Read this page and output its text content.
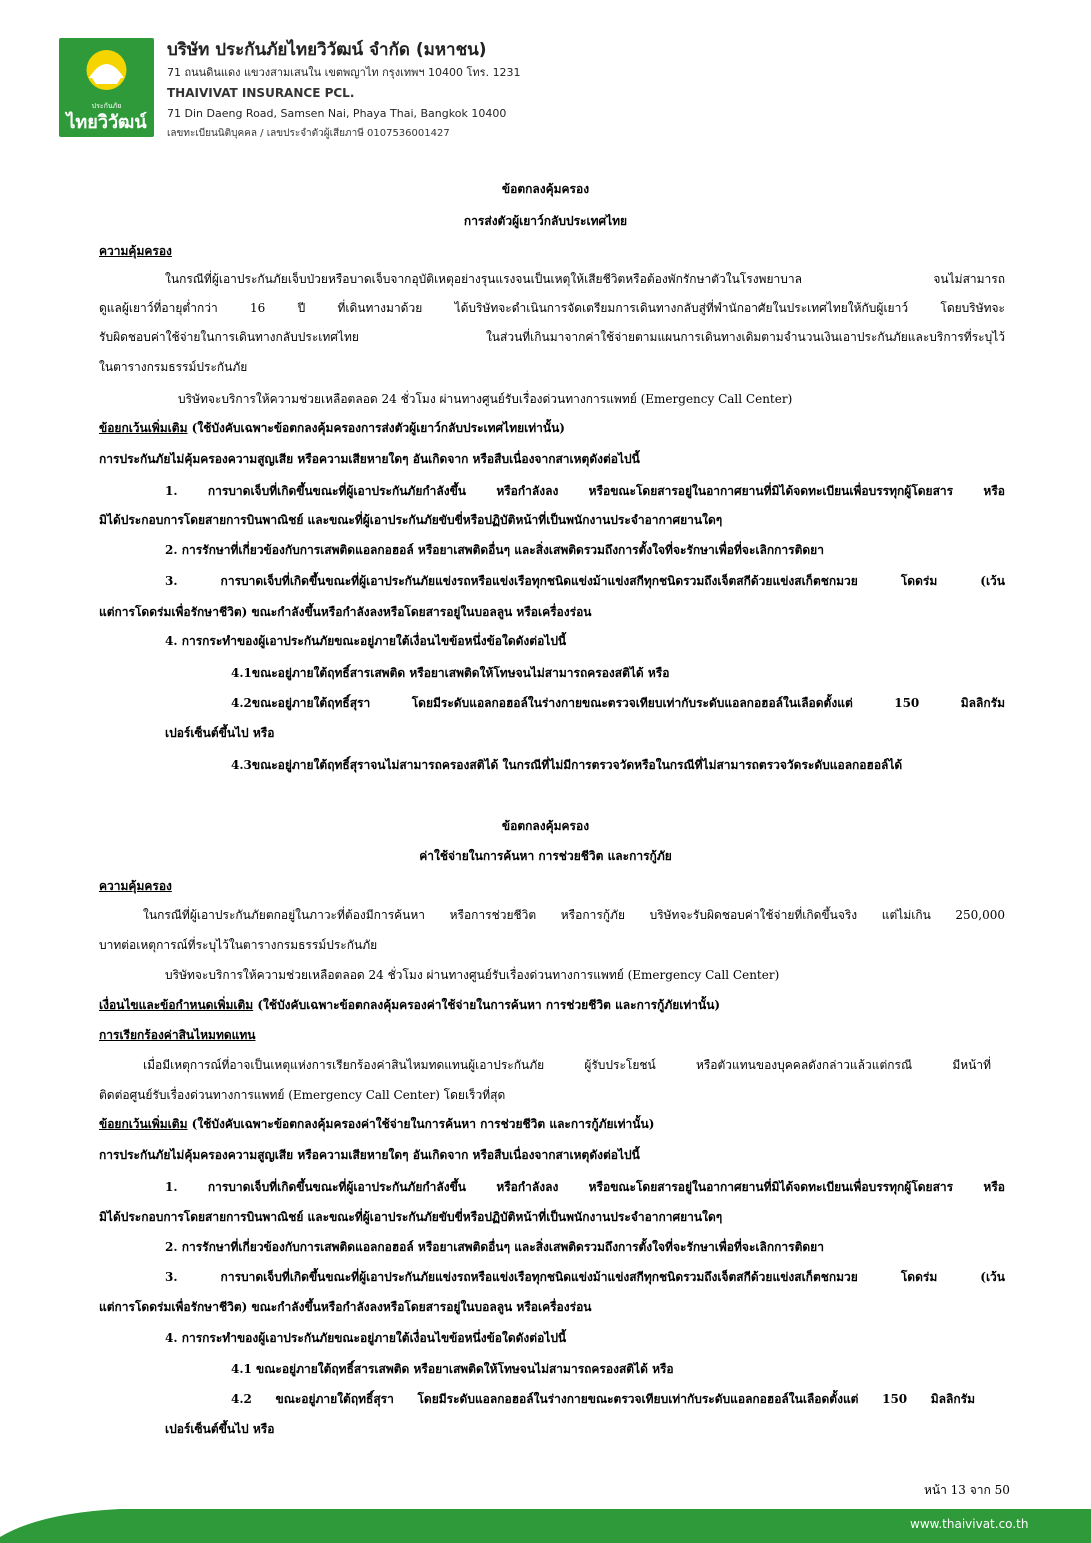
ประกันภัย
ไทยวิวัฒน์
บริษัท ประกันภัยไทยวิวัฒน์ จำกัด (มหาชน)
71 ถนนดินแดง แขวงสามเสนใน เขตพญาไท กรุงเทพฯ 10400 โทร. 1231
THAIVIVAT INSURANCE PCL.
71 Din Daeng Road, Samsen Nai, Phaya Thai, Bangkok 10400
เลขทะเบียนนิติบุคคล / เลขประจำตัวผู้เสียภาษี 0107536001427
ข้อตกลงคุ้มครอง
การส่งตัวผู้เยาว์กลับประเทศไทย
ความคุ้มครอง
ในกรณีที่ผู้เอาประกันภัยเจ็บป่วยหรือบาดเจ็บจากอุบัติเหตุอย่างรุนแรงจนเป็นเหตุให้เสียชีวิตหรือต้องพักรักษาตัวในโรงพยาบาล จนไม่สามารถ
ดูแลผู้เยาว์ที่อายุต่ำกว่า 16 ปี ที่เดินทางมาด้วย ได้บริษัทจะดำเนินการจัดเตรียมการเดินทางกลับสู่ที่พำนักอาศัยในประเทศไทยให้กับผู้เยาว์ โดยบริษัทจะ
รับผิดชอบค่าใช้จ่ายในการเดินทางกลับประเทศไทย ในส่วนที่เกินมาจากค่าใช้จ่ายตามแผนการเดินทางเดิมตามจำนวนเงินเอาประกันภัยและบริการที่ระบุไว้
ในตารางกรมธรรม์ประกันภัย
บริษัทจะบริการให้ความช่วยเหลือตลอด 24 ชั่วโมง ผ่านทางศูนย์รับเรื่องด่วนทางการแพทย์ (Emergency Call Center)
ข้อยกเว้นเพิ่มเติม (ใช้บังคับเฉพาะข้อตกลงคุ้มครองการส่งตัวผู้เยาว์กลับประเทศไทยเท่านั้น)
การประกันภัยไม่คุ้มครองความสูญเสีย หรือความเสียหายใดๆ อันเกิดจาก หรือสืบเนื่องจากสาเหตุดังต่อไปนี้
1. การบาดเจ็บที่เกิดขึ้นขณะที่ผู้เอาประกันภัยกำลังขึ้น หรือกำลังลง หรือขณะโดยสารอยู่ในอากาศยานที่มิได้จดทะเบียนเพื่อบรรทุกผู้โดยสาร หรือ
มิได้ประกอบการโดยสายการบินพาณิชย์ และขณะที่ผู้เอาประกันภัยขับขี่หรือปฏิบัติหน้าที่เป็นพนักงานประจำอากาศยานใดๆ
2. การรักษาที่เกี่ยวข้องกับการเสพติดแอลกอฮอล์ หรือยาเสพติดอื่นๆ และสิ่งเสพติดรวมถึงการตั้งใจที่จะรักษาเพื่อที่จะเลิกการติดยา
3. การบาดเจ็บที่เกิดขึ้นขณะที่ผู้เอาประกันภัยแข่งรถหรือแข่งเรือทุกชนิดแข่งม้าแข่งสกีทุกชนิดรวมถึงเจ็ตสกีด้วยแข่งสเก็ตชกมวย โดดร่ม (เว้น
แต่การโดดร่มเพื่อรักษาชีวิต) ขณะกำลังขึ้นหรือกำลังลงหรือโดยสารอยู่ในบอลลูน หรือเครื่องร่อน
4. การกระทำของผู้เอาประกันภัยขณะอยู่ภายใต้เงื่อนไขข้อหนึ่งข้อใดดังต่อไปนี้
4.1ขณะอยู่ภายใต้ฤทธิ์สารเสพติด หรือยาเสพติดให้โทษจนไม่สามารถครองสติได้ หรือ
4.2ขณะอยู่ภายใต้ฤทธิ์สุรา โดยมีระดับแอลกอฮอล์ในร่างกายขณะตรวจเทียบเท่ากับระดับแอลกอฮอล์ในเลือดตั้งแต่ 150 มิลลิกรัม
เปอร์เซ็นต์ขึ้นไป หรือ
4.3ขณะอยู่ภายใต้ฤทธิ์สุราจนไม่สามารถครองสติได้ ในกรณีที่ไม่มีการตรวจวัดหรือในกรณีที่ไม่สามารถตรวจวัดระดับแอลกอฮอล์ได้
ข้อตกลงคุ้มครอง
ค่าใช้จ่ายในการค้นหา การช่วยชีวิต และการกู้ภัย
ความคุ้มครอง
ในกรณีที่ผู้เอาประกันภัยตกอยู่ในภาวะที่ต้องมีการค้นหา หรือการช่วยชีวิต หรือการกู้ภัย บริษัทจะรับผิดชอบค่าใช้จ่ายที่เกิดขึ้นจริง แต่ไม่เกิน 250,000
บาทต่อเหตุการณ์ที่ระบุไว้ในตารางกรมธรรม์ประกันภัย
บริษัทจะบริการให้ความช่วยเหลือตลอด 24 ชั่วโมง ผ่านทางศูนย์รับเรื่องด่วนทางการแพทย์ (Emergency Call Center)
เงื่อนไขและข้อกำหนดเพิ่มเติม (ใช้บังคับเฉพาะข้อตกลงคุ้มครองค่าใช้จ่ายในการค้นหา การช่วยชีวิต และการกู้ภัยเท่านั้น)
การเรียกร้องค่าสินไหมทดแทน
เมื่อมีเหตุการณ์ที่อาจเป็นเหตุแห่งการเรียกร้องค่าสินไหมทดแทนผู้เอาประกันภัย ผู้รับประโยชน์ หรือตัวแทนของบุคคลดังกล่าวแล้วแต่กรณี มีหน้าที่
ติดต่อศูนย์รับเรื่องด่วนทางการแพทย์ (Emergency Call Center) โดยเร็วที่สุด
ข้อยกเว้นเพิ่มเติม (ใช้บังคับเฉพาะข้อตกลงคุ้มครองค่าใช้จ่ายในการค้นหา การช่วยชีวิต และการกู้ภัยเท่านั้น)
การประกันภัยไม่คุ้มครองความสูญเสีย หรือความเสียหายใดๆ อันเกิดจาก หรือสืบเนื่องจากสาเหตุดังต่อไปนี้
1. การบาดเจ็บที่เกิดขึ้นขณะที่ผู้เอาประกันภัยกำลังขึ้น หรือกำลังลง หรือขณะโดยสารอยู่ในอากาศยานที่มิได้จดทะเบียนเพื่อบรรทุกผู้โดยสาร หรือ
มิได้ประกอบการโดยสายการบินพาณิชย์ และขณะที่ผู้เอาประกันภัยขับขี่หรือปฏิบัติหน้าที่เป็นพนักงานประจำอากาศยานใดๆ
2. การรักษาที่เกี่ยวข้องกับการเสพติดแอลกอฮอล์ หรือยาเสพติดอื่นๆ และสิ่งเสพติดรวมถึงการตั้งใจที่จะรักษาเพื่อที่จะเลิกการติดยา
3. การบาดเจ็บที่เกิดขึ้นขณะที่ผู้เอาประกันภัยแข่งรถหรือแข่งเรือทุกชนิดแข่งม้าแข่งสกีทุกชนิดรวมถึงเจ็ตสกีด้วยแข่งสเก็ตชกมวย โดดร่ม (เว้น
แต่การโดดร่มเพื่อรักษาชีวิต) ขณะกำลังขึ้นหรือกำลังลงหรือโดยสารอยู่ในบอลลูน หรือเครื่องร่อน
4. การกระทำของผู้เอาประกันภัยขณะอยู่ภายใต้เงื่อนไขข้อหนึ่งข้อใดดังต่อไปนี้
4.1 ขณะอยู่ภายใต้ฤทธิ์สารเสพติด หรือยาเสพติดให้โทษจนไม่สามารถครองสติได้ หรือ
4.2 ขณะอยู่ภายใต้ฤทธิ์สุรา โดยมีระดับแอลกอฮอล์ในร่างกายขณะตรวจเทียบเท่ากับระดับแอลกอฮอล์ในเลือดตั้งแต่ 150 มิลลิกรัม
เปอร์เซ็นต์ขึ้นไป หรือ
หน้า 13 จาก 50
www.thaivivat.co.th
